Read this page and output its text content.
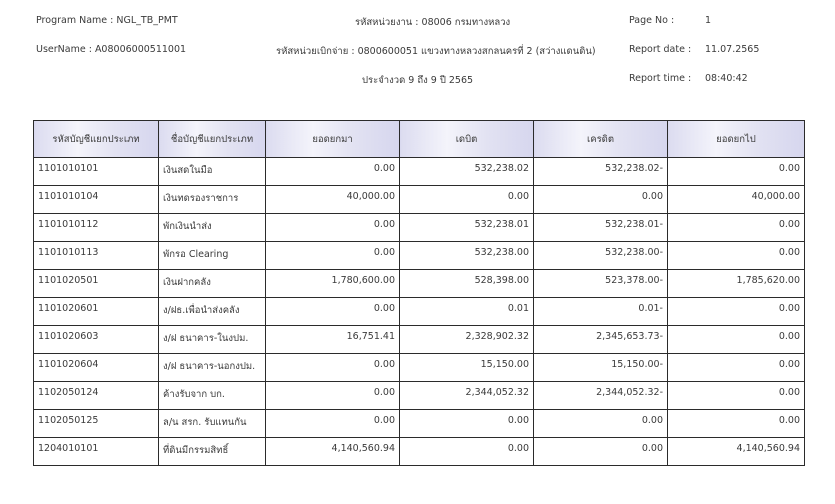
Program Name : NGL_TB_PMT
UserName : A08006000511001
รหัสหน่วยงาน : 08006 กรมทางหลวง
รหัสหน่วยเบิกจ่าย : 0800600051 แขวงทางหลวงสกลนครที่ 2 (สว่างแดนดิน)
ประจำงวด 9 ถึง 9 ปี 2565
Page No :	1
Report date : 11.07.2565
Report time : 08:40:42
รหัสบัญชีแยกประเภท	ชื่อบัญชีแยกประเภท	ยอดยกมา	เดบิต	เครดิต	ยอดยกไป
1101010101	เงินสดในมือ	0.00	532,238.02	532,238.02-	0.00
1101010104	เงินทดรองราชการ	40,000.00	0.00	0.00	40,000.00
1101010112	พักเงินนำส่ง	0.00	532,238.01	532,238.01-	0.00
1101010113	พักรอ Clearing	0.00	532,238.00	532,238.00-	0.00
1101020501	เงินฝากคลัง	1,780,600.00	528,398.00	523,378.00-	1,785,620.00
1101020601	ง/ฝธ.เพื่อนำส่งคลัง	0.00	0.01	0.01-	0.00
1101020603	ง/ฝ ธนาคาร-ในงปม.	16,751.41	2,328,902.32	2,345,653.73-	0.00
1101020604	ง/ฝ ธนาคาร-นอกงปม.	0.00	15,150.00	15,150.00-	0.00
1102050124	ค้างรับจาก บก.	0.00	2,344,052.32	2,344,052.32-	0.00
1102050125	ล/น สรก. รับแทนกัน	0.00	0.00	0.00	0.00
1204010101	ที่ดินมีกรรมสิทธิ์	4,140,560.94	0.00	0.00	4,140,560.94
